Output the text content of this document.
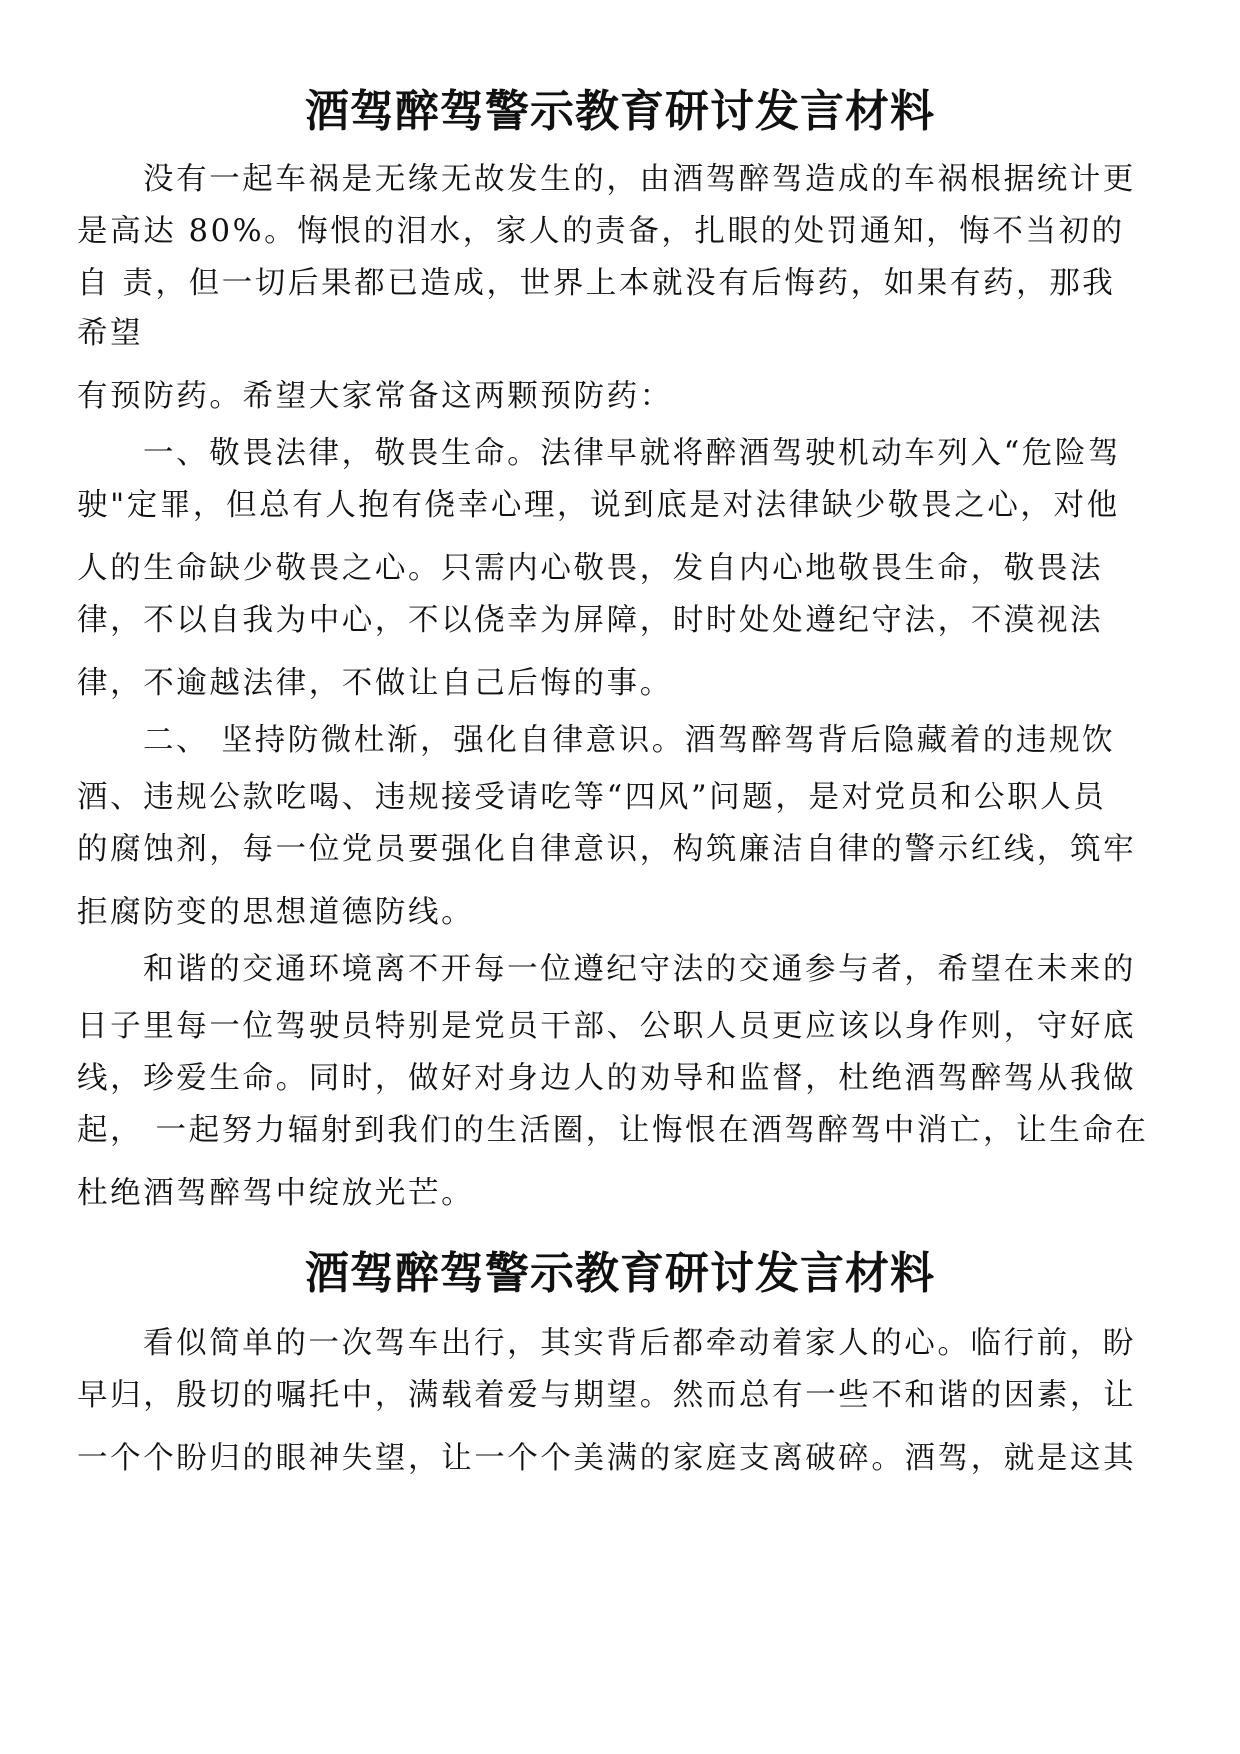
酒驾醉驾警示教育研讨发言材料
没有一起车祸是无缘无故发生的，由酒驾醉驾造成的车祸根据统计更
是高达 80%。悔恨的泪水，家人的责备，扎眼的处罚通知，悔不当初的
自 责，但一切后果都已造成，世界上本就没有后悔药，如果有药，那我
希望
有预防药。希望大家常备这两颗预防药：
一、敬畏法律，敬畏生命。法律早就将醉酒驾驶机动车列入“危险驾
驶"定罪，但总有人抱有侥幸心理，说到底是对法律缺少敬畏之心，对他
人的生命缺少敬畏之心。只需内心敬畏，发自内心地敬畏生命，敬畏法
律，不以自我为中心，不以侥幸为屏障，时时处处遵纪守法，不漠视法
律，不逾越法律，不做让自己后悔的事。
二、 坚持防微杜渐，强化自律意识。酒驾醉驾背后隐藏着的违规饮
酒、违规公款吃喝、违规接受请吃等“四风”问题，是对党员和公职人员
的腐蚀剂，每一位党员要强化自律意识，构筑廉洁自律的警示红线，筑牢
拒腐防变的思想道德防线。
和谐的交通环境离不开每一位遵纪守法的交通参与者，希望在未来的
日子里每一位驾驶员特别是党员干部、公职人员更应该以身作则，守好底
线，珍爱生命。同时，做好对身边人的劝导和监督，杜绝酒驾醉驾从我做
起， 一起努力辐射到我们的生活圈，让悔恨在酒驾醉驾中消亡，让生命在
杜绝酒驾醉驾中绽放光芒。
酒驾醉驾警示教育研讨发言材料
看似简单的一次驾车出行，其实背后都牵动着家人的心。临行前，盼
早归，殷切的嘱托中，满载着爱与期望。然而总有一些不和谐的因素，让
一个个盼归的眼神失望，让一个个美满的家庭支离破碎。酒驾，就是这其
